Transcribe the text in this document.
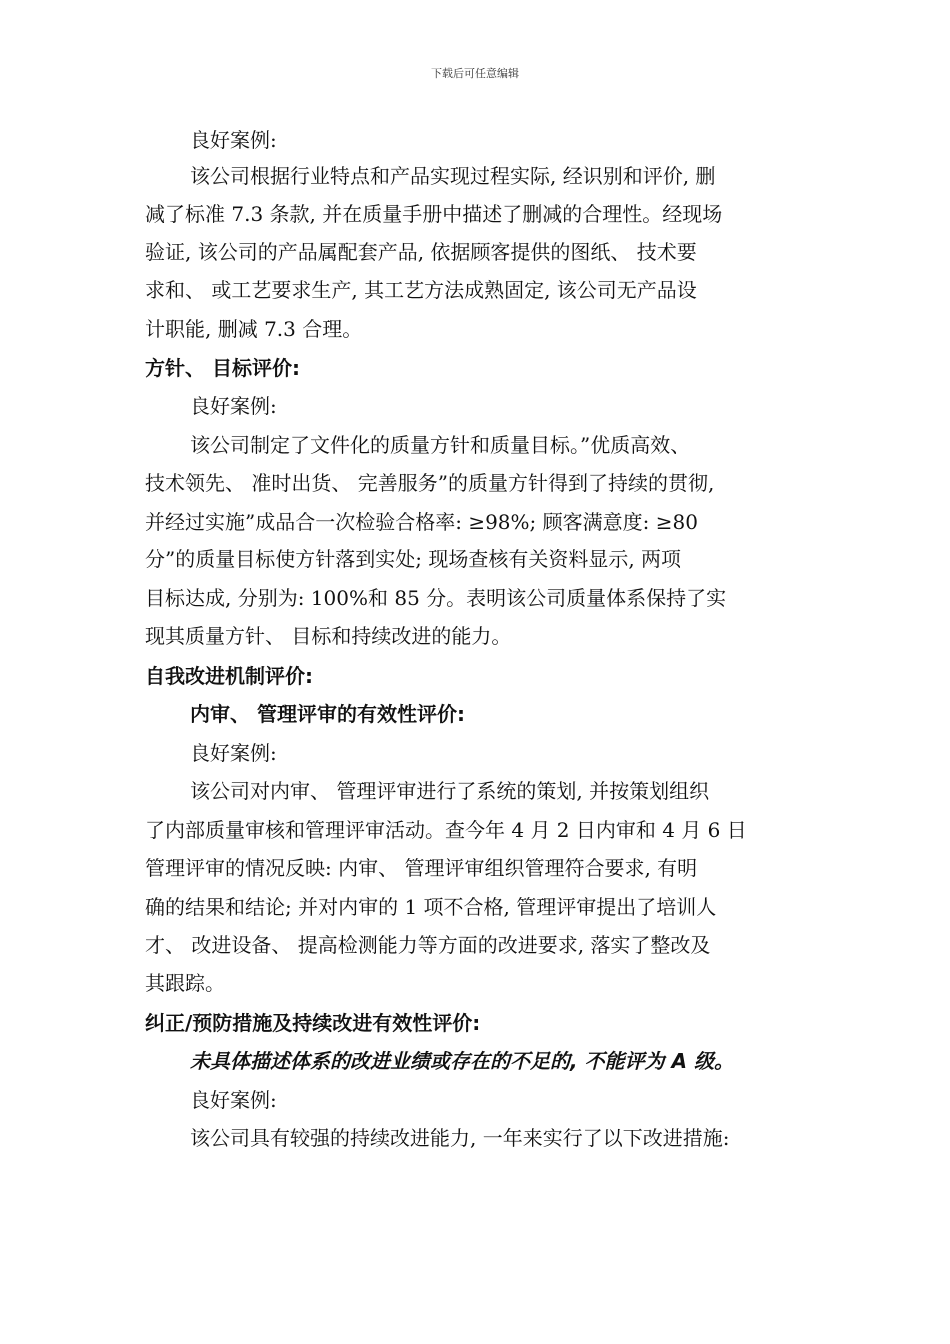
下载后可任意编辑
良好案例:
该公司根据行业特点和产品实现过程实际, 经识别和评价, 删
减了标准 7.3 条款, 并在质量手册中描述了删减的合理性。经现场
验证, 该公司的产品属配套产品, 依据顾客提供的图纸、 技术要
求和、 或工艺要求生产, 其工艺方法成熟固定, 该公司无产品设
计职能, 删减 7.3 合理。
方针、 目标评价:
良好案例:
该公司制定了文件化的质量方针和质量目标。”优质高效、
技术领先、 准时出货、 完善服务”的质量方针得到了持续的贯彻,
并经过实施”成品合一次检验合格率: ≥98%; 顾客满意度: ≥80
分”的质量目标使方针落到实处; 现场查核有关资料显示, 两项
目标达成, 分别为: 100%和 85 分。表明该公司质量体系保持了实
现其质量方针、 目标和持续改进的能力。
自我改进机制评价:
内审、 管理评审的有效性评价:
良好案例:
该公司对内审、 管理评审进行了系统的策划, 并按策划组织
了内部质量审核和管理评审活动。查今年 4 月 2 日内审和 4 月 6 日
管理评审的情况反映: 内审、 管理评审组织管理符合要求, 有明
确的结果和结论; 并对内审的 1 项不合格, 管理评审提出了培训人
才、 改进设备、 提高检测能力等方面的改进要求, 落实了整改及
其跟踪。
纠正/预防措施及持续改进有效性评价:
未具体描述体系的改进业绩或存在的不足的, 不能评为 A 级。
良好案例:
该公司具有较强的持续改进能力, 一年来实行了以下改进措施:
